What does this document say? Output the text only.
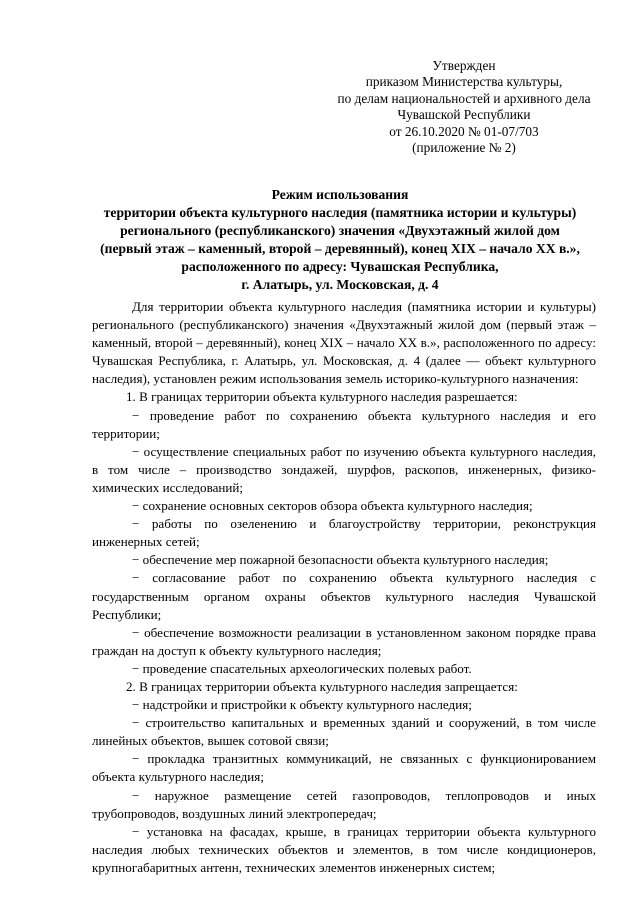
Утвержден
приказом Министерства культуры,
по делам национальностей и архивного дела
Чувашской Республики
от 26.10.2020 № 01-07/703
(приложение № 2)
Режим использования
территории объекта культурного наследия (памятника истории и культуры)
регионального (республиканского) значения «Двухэтажный жилой дом
(первый этаж – каменный, второй – деревянный), конец XIX – начало XX в.»,
расположенного по адресу: Чувашская Республика,
г. Алатырь, ул. Московская, д. 4

Для территории объекта культурного наследия (памятника истории и культуры) регионального (республиканского) значения «Двухэтажный жилой дом (первый этаж – каменный, второй – деревянный), конец XIX – начало XX в.», расположенного по адресу: Чувашская Республика, г. Алатырь, ул. Московская, д. 4 (далее — объект культурного наследия), установлен режим использования земель историко-культурного назначения:

1. В границах территории объекта культурного наследия разрешается:

− проведение работ по сохранению объекта культурного наследия и его территории;

− осуществление специальных работ по изучению объекта культурного наследия, в том числе – производство зондажей, шурфов, раскопов, инженерных, физико-химических исследований;

− сохранение основных секторов обзора объекта культурного наследия;

− работы по озеленению и благоустройству территории, реконструкция инженерных сетей;

− обеспечение мер пожарной безопасности объекта культурного наследия;

− согласование работ по сохранению объекта культурного наследия с государственным органом охраны объектов культурного наследия Чувашской Республики;

− обеспечение возможности реализации в установленном законом порядке права граждан на доступ к объекту культурного наследия;

− проведение спасательных археологических полевых работ.

2. В границах территории объекта культурного наследия запрещается:

− надстройки и пристройки к объекту культурного наследия;

− строительство капитальных и временных зданий и сооружений, в том числе линейных объектов, вышек сотовой связи;

− прокладка транзитных коммуникаций, не связанных с функционированием объекта культурного наследия;

− наружное размещение сетей газопроводов, теплопроводов и иных трубопроводов, воздушных линий электропередач;

− установка на фасадах, крыше, в границах территории объекта культурного наследия любых технических объектов и элементов, в том числе кондиционеров, крупногабаритных антенн, технических элементов инженерных систем;
